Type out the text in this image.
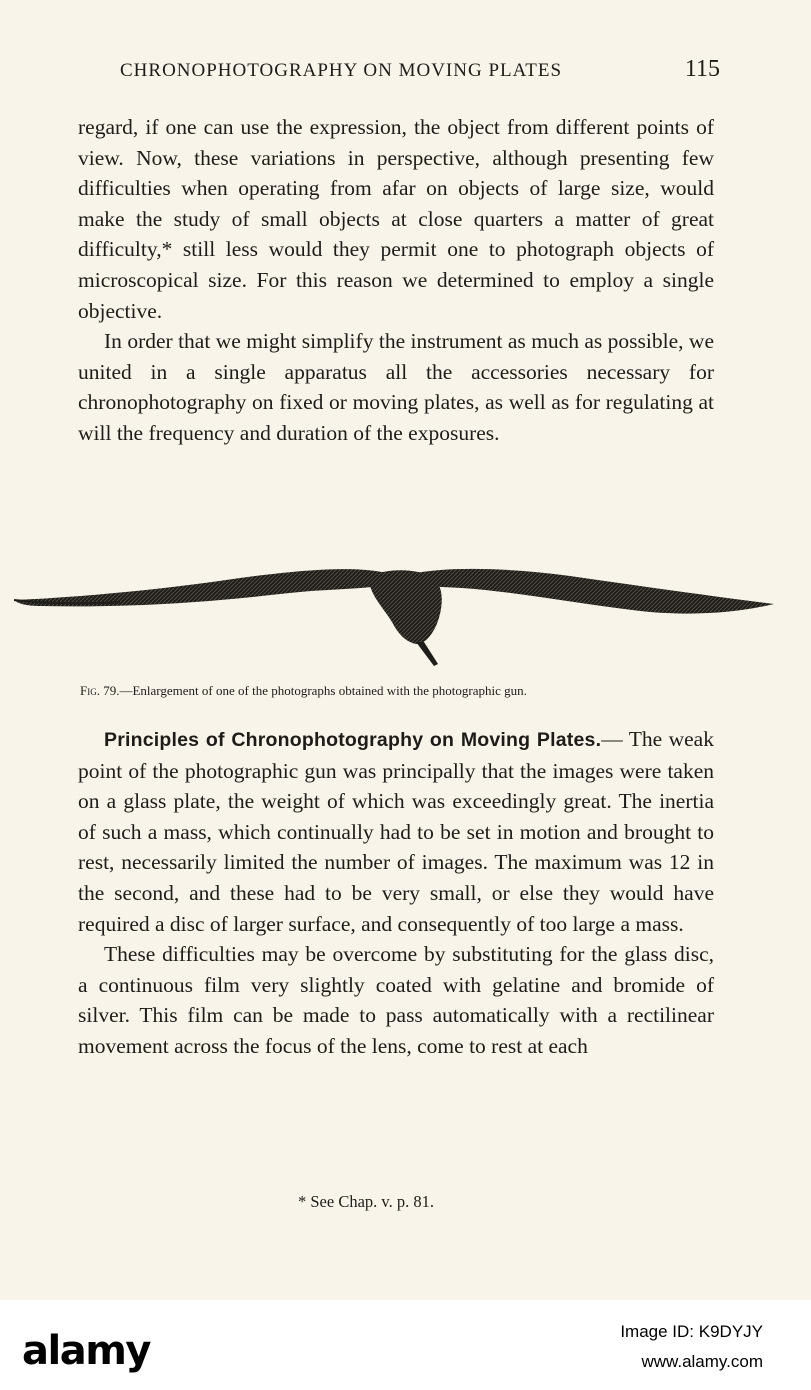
CHRONOPHOTOGRAPHY ON MOVING PLATES	115

regard, if one can use the expression, the object from different points of view. Now, these variations in perspective, although presenting few difficulties when operating from afar on objects of large size, would make the study of small objects at close quarters a matter of great difficulty,* still less would they permit one to photograph objects of microscopical size. For this reason we determined to employ a single objective.

In order that we might simplify the instrument as much as possible, we united in a single apparatus all the accessories necessary for chronophotography on fixed or moving plates, as well as for regulating at will the frequency and duration of the exposures.

Fig. 79.—Enlargement of one of the photographs obtained with the photographic gun.

Principles of Chronophotography on Moving Plates.— The weak point of the photographic gun was principally that the images were taken on a glass plate, the weight of which was exceedingly great. The inertia of such a mass, which continually had to be set in motion and brought to rest, necessarily limited the number of images. The maximum was 12 in the second, and these had to be very small, or else they would have required a disc of larger surface, and consequently of too large a mass.

These difficulties may be overcome by substituting for the glass disc, a continuous film very slightly coated with gelatine and bromide of silver. This film can be made to pass automatically with a rectilinear movement across the focus of the lens, come to rest at each

* See Chap. v. p. 81.
alamy	Image ID: K9DYJY
www.alamy.com
